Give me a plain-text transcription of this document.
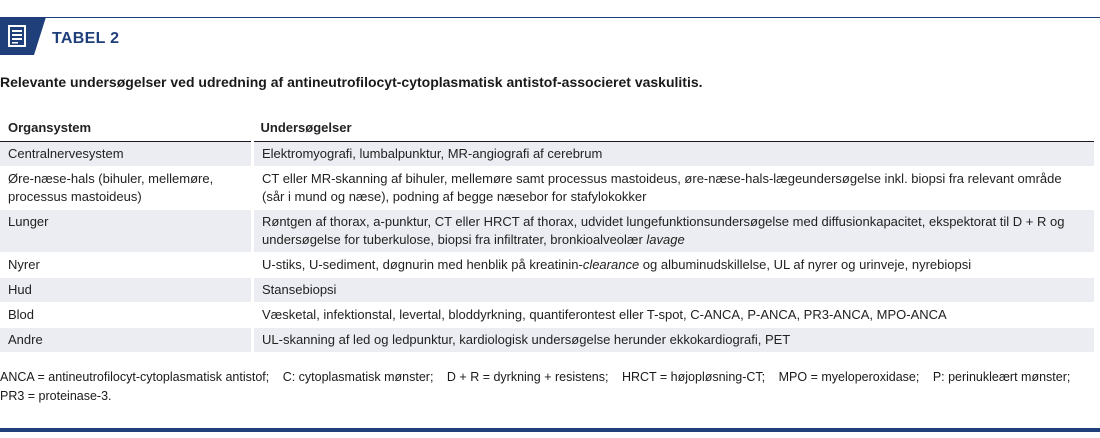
TABEL 2
Relevante undersøgelser ved udredning af antineutrofilocyt-cytoplasmatisk antistof-associeret vaskulitis.
Organsystem	Undersøgelser
Centralnervesystem	Elektromyografi, lumbalpunktur, MR-angiografi af cerebrum
Øre-næse-hals (bihuler, mellemøre, processus mastoideus)	CT eller MR-skanning af bihuler, mellemøre samt processus mastoideus, øre-næse-hals-lægeundersøgelse inkl. biopsi fra relevant område (sår i mund og næse), podning af begge næsebor for stafylokokker
Lunger	Røntgen af thorax, a-punktur, CT eller HRCT af thorax, udvidet lungefunktionsundersøgelse med diffusionkapacitet, ekspektorat til D + R og undersøgelse for tuberkulose, biopsi fra infiltrater, bronkioalveolær lavage
Nyrer	U-stiks, U-sediment, døgnurin med henblik på kreatinin-clearance og albuminudskillelse, UL af nyrer og urinveje, nyrebiopsi
Hud	Stansebiopsi
Blod	Væsketal, infektionstal, levertal, bloddyrkning, quantiferontest eller T-spot, C-ANCA, P-ANCA, PR3-ANCA, MPO-ANCA
Andre	UL-skanning af led og ledpunktur, kardiologisk undersøgelse herunder ekkokardiografi, PET
ANCA = antineutrofilocyt-cytoplasmatisk antistof; C: cytoplasmatisk mønster; D + R = dyrkning + resistens; HRCT = højopløsning-CT; MPO = myeloperoxidase; P: perinukleært mønster; PR3 = proteinase-3.
